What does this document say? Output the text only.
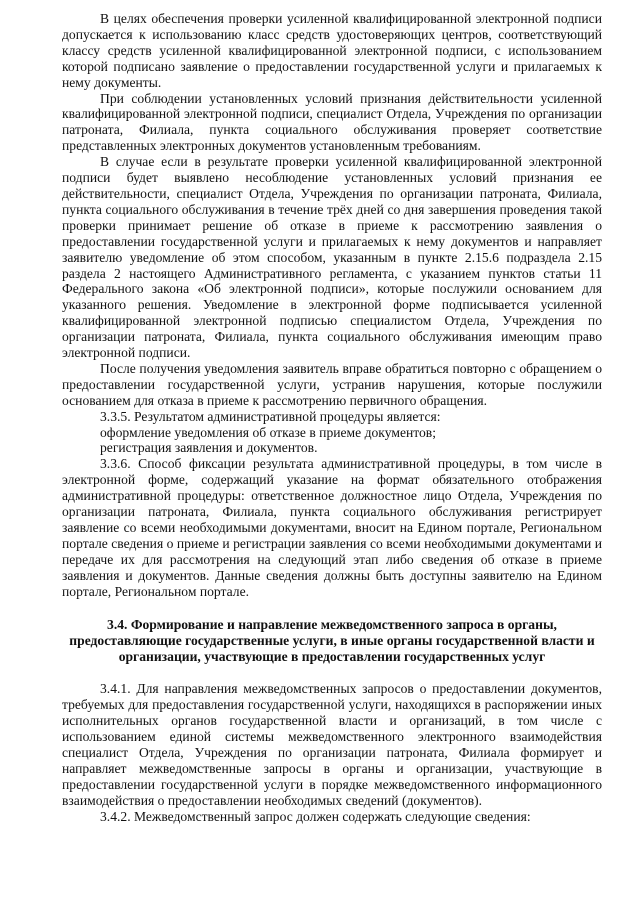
В целях обеспечения проверки усиленной квалифицированной электронной подписи допускается к использованию класс средств удостоверяющих центров, соответствующий классу средств усиленной квалифицированной электронной подписи, с использованием которой подписано заявление о предоставлении государственной услуги и прилагаемых к нему документы.

При соблюдении установленных условий признания действительности усиленной квалифицированной электронной подписи, специалист Отдела, Учреждения по организации патроната, Филиала, пункта социального обслуживания проверяет соответствие представленных электронных документов установленным требованиям.

В случае если в результате проверки усиленной квалифицированной электронной подписи будет выявлено несоблюдение установленных условий признания ее действительности, специалист Отдела, Учреждения по организации патроната, Филиала, пункта социального обслуживания в течение трёх дней со дня завершения проведения такой проверки принимает решение об отказе в приеме к рассмотрению заявления о предоставлении государственной услуги и прилагаемых к нему документов и направляет заявителю уведомление об этом способом, указанным в пункте 2.15.6 подраздела 2.15 раздела 2 настоящего Административного регламента, с указанием пунктов статьи 11 Федерального закона «Об электронной подписи», которые послужили основанием для указанного решения. Уведомление в электронной форме подписывается усиленной квалифицированной электронной подписью специалистом Отдела, Учреждения по организации патроната, Филиала, пункта социального обслуживания имеющим право электронной подписи.

После получения уведомления заявитель вправе обратиться повторно с обращением о предоставлении государственной услуги, устранив нарушения, которые послужили основанием для отказа в приеме к рассмотрению первичного обращения.

3.3.5. Результатом административной процедуры является:

оформление уведомления об отказе в приеме документов;

регистрация заявления и документов.

3.3.6. Способ фиксации результата административной процедуры, в том числе в электронной форме, содержащий указание на формат обязательного отображения административной процедуры: ответственное должностное лицо Отдела, Учреждения по организации патроната, Филиала, пункта социального обслуживания регистрирует заявление со всеми необходимыми документами, вносит на Едином портале, Региональном портале сведения о приеме и регистрации заявления со всеми необходимыми документами и передаче их для рассмотрения на следующий этап либо сведения об отказе в приеме заявления и документов. Данные сведения должны быть доступны заявителю на Едином портале, Региональном портале.

3.4. Формирование и направление межведомственного запроса в органы, предоставляющие государственные услуги, в иные органы государственной власти и организации, участвующие в предоставлении государственных услуг

3.4.1. Для направления межведомственных запросов о предоставлении документов, требуемых для предоставления государственной услуги, находящихся в распоряжении иных исполнительных органов государственной власти и организаций, в том числе с использованием единой системы межведомственного электронного взаимодействия специалист Отдела, Учреждения по организации патроната, Филиала формирует и направляет межведомственные запросы в органы и организации, участвующие в предоставлении государственной услуги в порядке межведомственного информационного взаимодействия о предоставлении необходимых сведений (документов).

3.4.2. Межведомственный запрос должен содержать следующие сведения:
